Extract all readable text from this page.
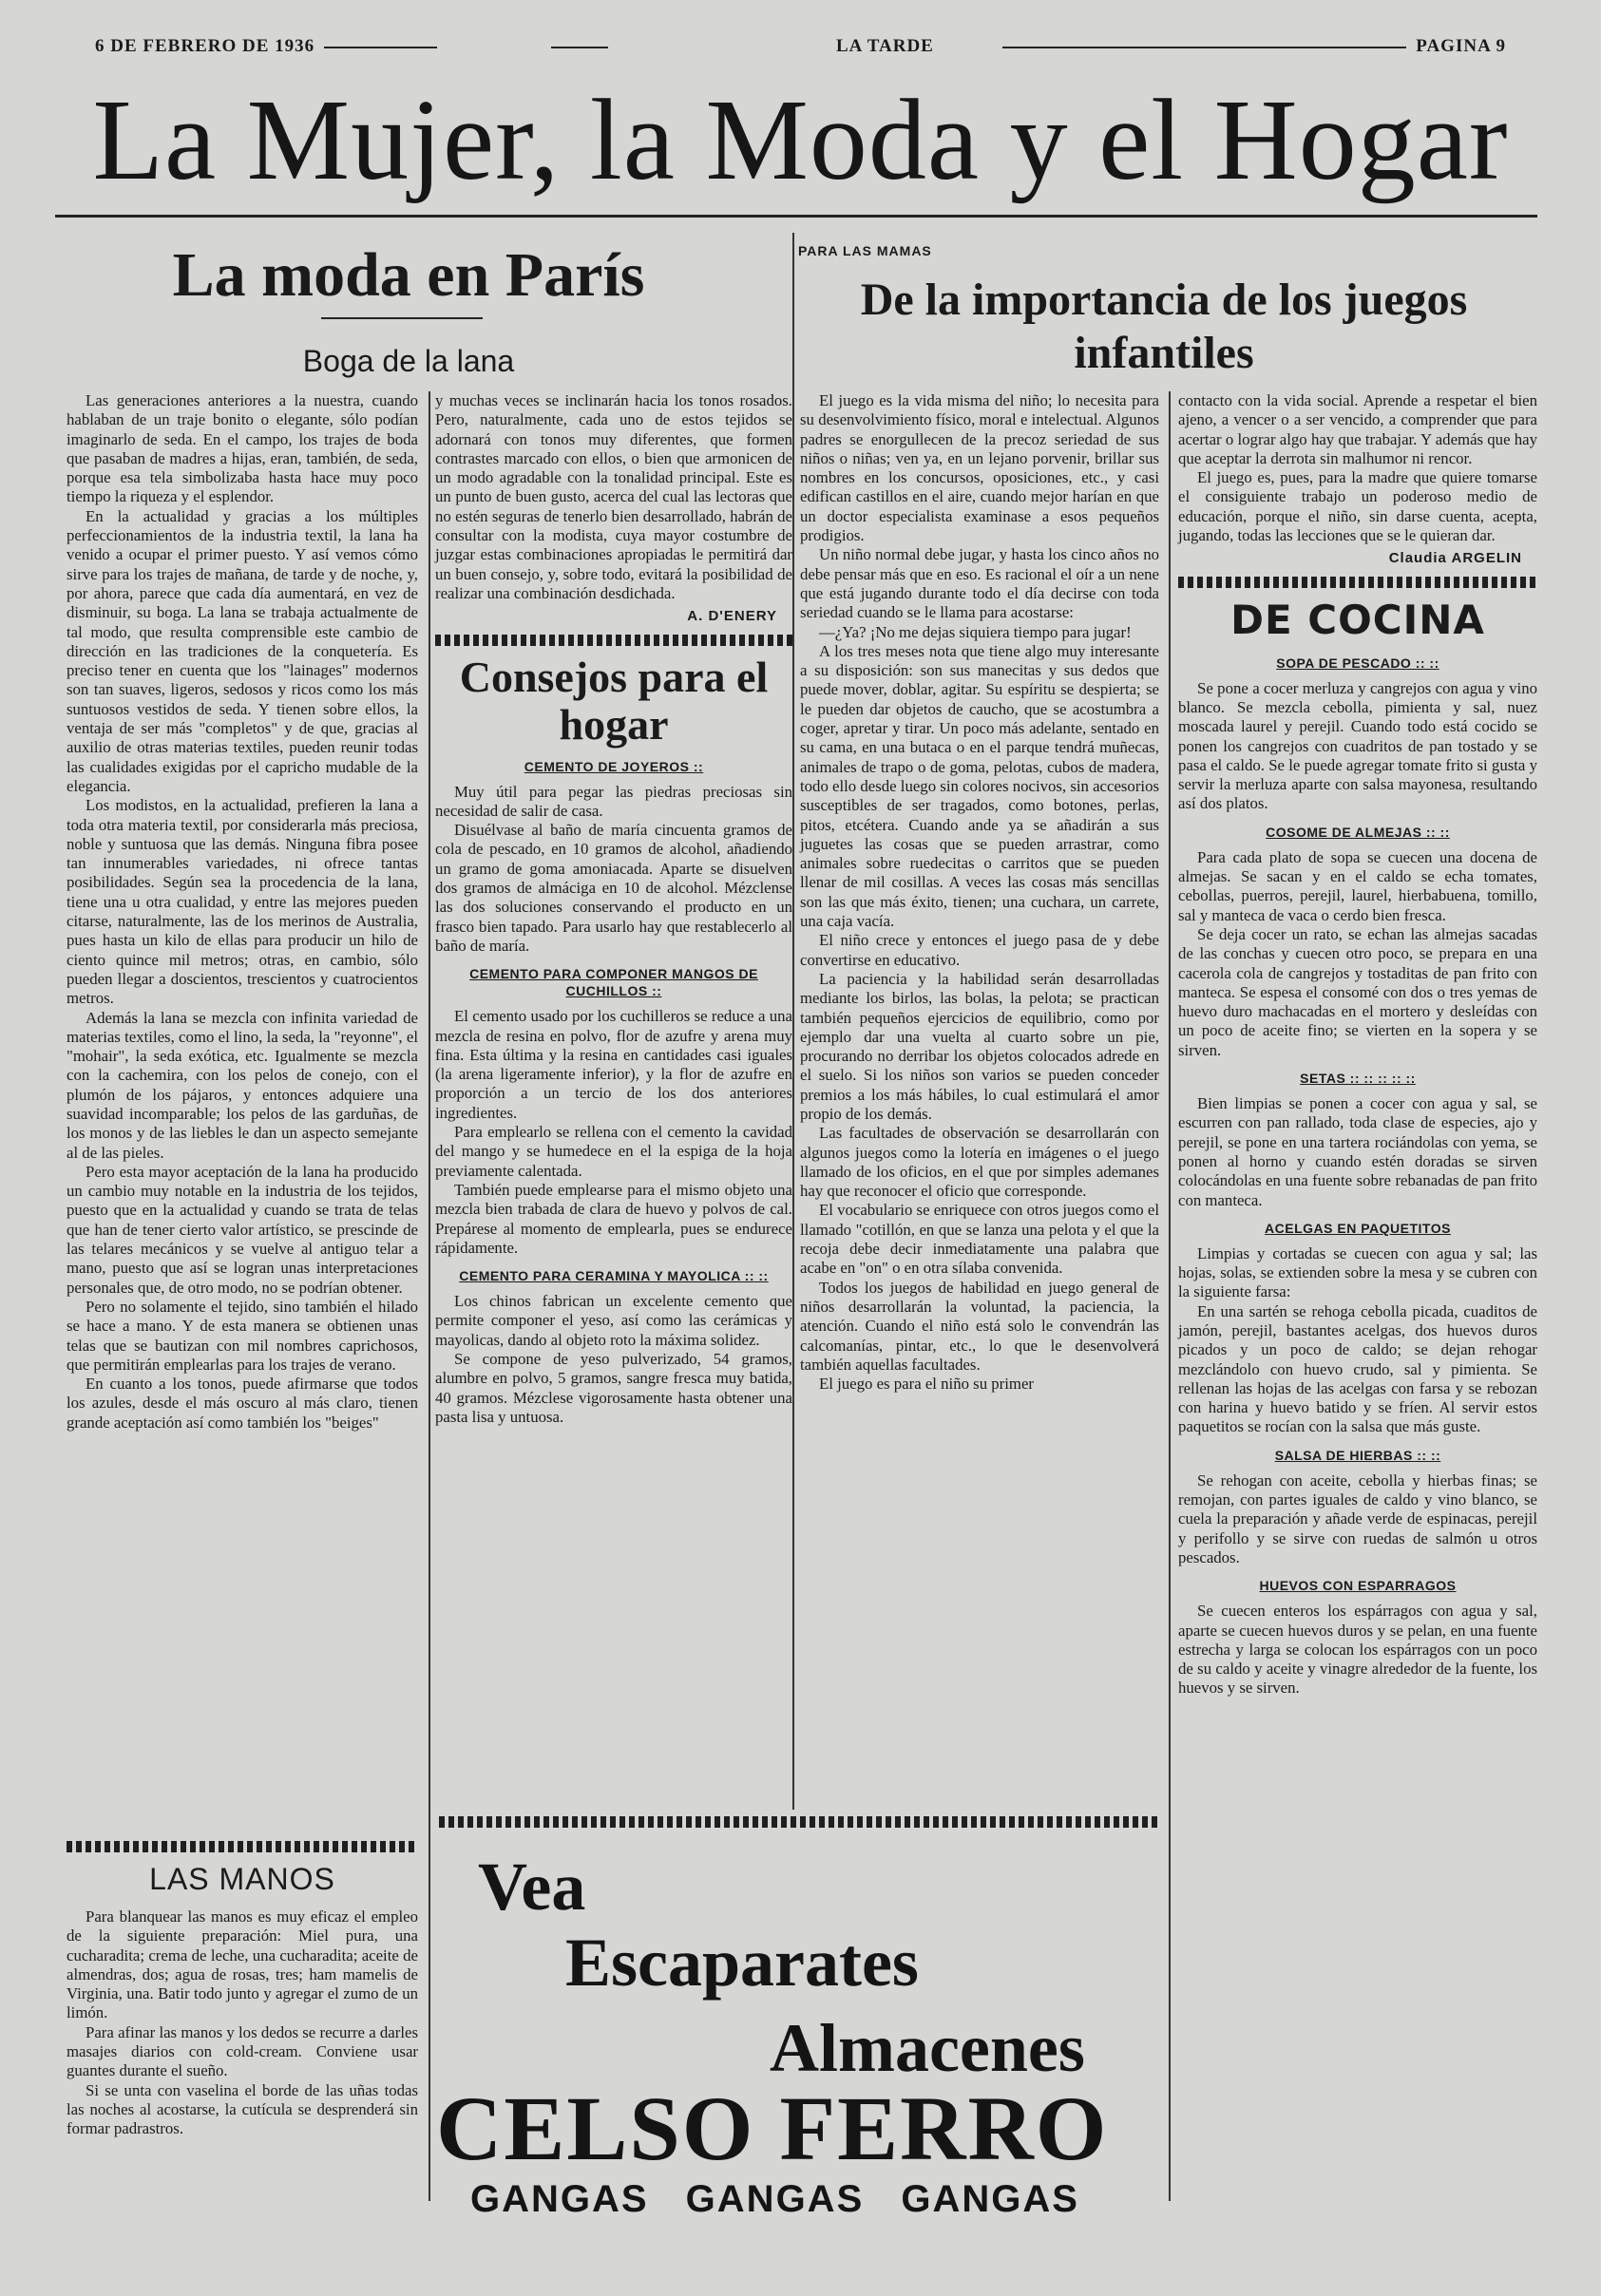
6 DE FEBRERO DE 1936	LA TARDE	PAGINA 9
La Mujer, la Moda y el Hogar
La moda en París
Boga de la lana

Las generaciones anteriores a la nuestra, cuando hablaban de un traje bonito o elegante, sólo podían imaginarlo de seda. En el campo, los trajes de boda que pasaban de madres a hijas, eran, también, de seda, porque esa tela simbolizaba hasta hace muy poco tiempo la riqueza y el esplendor.

En la actualidad y gracias a los múltiples perfeccionamientos de la industria textil, la lana ha venido a ocupar el primer puesto. Y así vemos cómo sirve para los trajes de mañana, de tarde y de noche, y, por ahora, parece que cada día aumentará, en vez de disminuir, su boga. La lana se trabaja actualmente de tal modo, que resulta comprensible este cambio de dirección en las tradiciones de la conquetería. Es preciso tener en cuenta que los "lainages" modernos son tan suaves, ligeros, sedosos y ricos como los más suntuosos vestidos de seda. Y tienen sobre ellos, la ventaja de ser más "completos" y de que, gracias al auxilio de otras materias textiles, pueden reunir todas las cualidades exigidas por el capricho mudable de la elegancia.

Los modistos, en la actualidad, prefieren la lana a toda otra materia textil, por considerarla más preciosa, noble y suntuosa que las demás. Ninguna fibra posee tan innumerables variedades, ni ofrece tantas posibilidades. Según sea la procedencia de la lana, tiene una u otra cualidad, y entre las mejores pueden citarse, naturalmente, las de los merinos de Australia, pues hasta un kilo de ellas para producir un hilo de ciento quince mil metros; otras, en cambio, sólo pueden llegar a doscientos, trescientos y cuatrocientos metros.

Además la lana se mezcla con infinita variedad de materias textiles, como el lino, la seda, la "reyonne", el "mohair", la seda exótica, etc. Igualmente se mezcla con la cachemira, con los pelos de conejo, con el plumón de los pájaros, y entonces adquiere una suavidad incomparable; los pelos de las garduñas, de los monos y de las liebles le dan un aspecto semejante al de las pieles.

Pero esta mayor aceptación de la lana ha producido un cambio muy notable en la industria de los tejidos, puesto que en la actualidad y cuando se trata de telas que han de tener cierto valor artístico, se prescinde de las telares mecánicos y se vuelve al antiguo telar a mano, puesto que así se logran unas interpretaciones personales que, de otro modo, no se podrían obtener.

Pero no solamente el tejido, sino también el hilado se hace a mano. Y de esta manera se obtienen unas telas que se bautizan con mil nombres caprichosos, que permitirán emplearlas para los trajes de verano.

En cuanto a los tonos, puede afirmarse que todos los azules, desde el más oscuro al más claro, tienen grande aceptación así como también los "beiges"

LAS MANOS

Para blanquear las manos es muy eficaz el empleo de la siguiente preparación: Miel pura, una cucharadita; crema de leche, una cucharadita; aceite de almendras, dos; agua de rosas, tres; ham mamelis de Virginia, una. Batir todo junto y agregar el zumo de un limón.

Para afinar las manos y los dedos se recurre a darles masajes diarios con cold-cream. Conviene usar guantes durante el sueño.

Si se unta con vaselina el borde de las uñas todas las noches al acostarse, la cutícula se desprenderá sin formar padrastros.

y muchas veces se inclinarán hacia los tonos rosados. Pero, naturalmente, cada uno de estos tejidos se adornará con tonos muy diferentes, que formen contrastes marcado con ellos, o bien que armonicen de un modo agradable con la tonalidad principal. Este es un punto de buen gusto, acerca del cual las lectoras que no estén seguras de tenerlo bien desarrollado, habrán de consultar con la modista, cuya mayor costumbre de juzgar estas combinaciones apropiadas le permitirá dar un buen consejo, y, sobre todo, evitará la posibilidad de realizar una combinación desdichada.

A. D'ENERY
Consejos para el hogar
CEMENTO DE JOYEROS ::

Muy útil para pegar las piedras preciosas sin necesidad de salir de casa.

Disuélvase al baño de maría cincuenta gramos de cola de pescado, en 10 gramos de alcohol, añadiendo un gramo de goma amoniacada. Aparte se disuelven dos gramos de almáciga en 10 de alcohol. Mézclense las dos soluciones conservando el producto en un frasco bien tapado. Para usarlo hay que restablecerlo al baño de maría.

CEMENTO PARA COMPONER MANGOS DE CUCHILLOS ::

El cemento usado por los cuchilleros se reduce a una mezcla de resina en polvo, flor de azufre y arena muy fina. Esta última y la resina en cantidades casi iguales (la arena ligeramente inferior), y la flor de azufre en proporción a un tercio de los dos anteriores ingredientes.

Para emplearlo se rellena con el cemento la cavidad del mango y se humedece en el la espiga de la hoja previamente calentada.

También puede emplearse para el mismo objeto una mezcla bien trabada de clara de huevo y polvos de cal. Prepárese al momento de emplearla, pues se endurece rápidamente.

CEMENTO PARA CERAMINA Y MAYOLICA :: ::

Los chinos fabrican un excelente cemento que permite componer el yeso, así como las cerámicas y mayolicas, dando al objeto roto la máxima solidez.

Se compone de yeso pulverizado, 54 gramos, alumbre en polvo, 5 gramos, sangre fresca muy batida, 40 gramos. Mézclese vigorosamente hasta obtener una pasta lisa y untuosa.

PARA LAS MAMAS
De la importancia de los juegos infantiles

El juego es la vida misma del niño; lo necesita para su desenvolvimiento físico, moral e intelectual. Algunos padres se enorgullecen de la precoz seriedad de sus niños o niñas; ven ya, en un lejano porvenir, brillar sus nombres en los concursos, oposiciones, etc., y casi edifican castillos en el aire, cuando mejor harían en que un doctor especialista examinase a esos pequeños prodigios.

Un niño normal debe jugar, y hasta los cinco años no debe pensar más que en eso. Es racional el oír a un nene que está jugando durante todo el día decirse con toda seriedad cuando se le llama para acostarse:

—¿Ya? ¡No me dejas siquiera tiempo para jugar!

A los tres meses nota que tiene algo muy interesante a su disposición: son sus manecitas y sus dedos que puede mover, doblar, agitar. Su espíritu se despierta; se le pueden dar objetos de caucho, que se acostumbra a coger, apretar y tirar. Un poco más adelante, sentado en su cama, en una butaca o en el parque tendrá muñecas, animales de trapo o de goma, pelotas, cubos de madera, todo ello desde luego sin colores nocivos, sin accesorios susceptibles de ser tragados, como botones, perlas, pitos, etcétera. Cuando ande ya se añadirán a sus juguetes las cosas que se pueden arrastrar, como animales sobre ruedecitas o carritos que se pueden llenar de mil cosillas. A veces las cosas más sencillas son las que más éxito, tienen; una cuchara, un carrete, una caja vacía.

El niño crece y entonces el juego pasa de y debe convertirse en educativo.

La paciencia y la habilidad serán desarrolladas mediante los birlos, las bolas, la pelota; se practican también pequeños ejercicios de equilibrio, como por ejemplo dar una vuelta al cuarto sobre un pie, procurando no derribar los objetos colocados adrede en el suelo. Si los niños son varios se pueden conceder premios a los más hábiles, lo cual estimulará el amor propio de los demás.

Las facultades de observación se desarrollarán con algunos juegos como la lotería en imágenes o el juego llamado de los oficios, en el que por simples ademanes hay que reconocer el oficio que corresponde.

El vocabulario se enriquece con otros juegos como el llamado "cotillón, en que se lanza una pelota y el que la recoja debe decir inmediatamente una palabra que acabe en "on" o en otra sílaba convenida.

Todos los juegos de habilidad en juego general de niños desarrollarán la voluntad, la paciencia, la atención. Cuando el niño está solo le convendrán las calcomanías, pintar, etc., lo que le desenvolverá también aquellas facultades.

El juego es para el niño su primer

contacto con la vida social. Aprende a respetar el bien ajeno, a vencer o a ser vencido, a comprender que para acertar o lograr algo hay que trabajar. Y además que hay que aceptar la derrota sin malhumor ni rencor.

El juego es, pues, para la madre que quiere tomarse el consiguiente trabajo un poderoso medio de educación, porque el niño, sin darse cuenta, acepta, jugando, todas las lecciones que se le quieran dar.

Claudia ARGELIN
DE COCINA
SOPA DE PESCADO :: ::

Se pone a cocer merluza y cangrejos con agua y vino blanco. Se mezcla cebolla, pimienta y sal, nuez moscada laurel y perejil. Cuando todo está cocido se ponen los cangrejos con cuadritos de pan tostado y se pasa el caldo. Se le puede agregar tomate frito si gusta y servir la merluza aparte con salsa mayonesa, resultando así dos platos.

COSOME DE ALMEJAS :: ::

Para cada plato de sopa se cuecen una docena de almejas. Se sacan y en el caldo se echa tomates, cebollas, puerros, perejil, laurel, hierbabuena, tomillo, sal y manteca de vaca o cerdo bien fresca.

Se deja cocer un rato, se echan las almejas sacadas de las conchas y cuecen otro poco, se prepara en una cacerola cola de cangrejos y tostaditas de pan frito con manteca. Se espesa el consomé con dos o tres yemas de huevo duro machacadas en el mortero y desleídas con un poco de aceite fino; se vierten en la sopera y se sirven.

SETAS :: :: :: :: ::

Bien limpias se ponen a cocer con agua y sal, se escurren con pan rallado, toda clase de especies, ajo y perejil, se pone en una tartera rociándolas con yema, se ponen al horno y cuando estén doradas se sirven colocándolas en una fuente sobre rebanadas de pan frito con manteca.

ACELGAS EN PAQUETITOS

Limpias y cortadas se cuecen con agua y sal; las hojas, solas, se extienden sobre la mesa y se cubren con la siguiente farsa:

En una sartén se rehoga cebolla picada, cuaditos de jamón, perejil, bastantes acelgas, dos huevos duros picados y un poco de caldo; se dejan rehogar mezclándolo con huevo crudo, sal y pimienta. Se rellenan las hojas de las acelgas con farsa y se rebozan con harina y huevo batido y se fríen. Al servir estos paquetitos se rocían con la salsa que más guste.

SALSA DE HIERBAS :: ::

Se rehogan con aceite, cebolla y hierbas finas; se remojan, con partes iguales de caldo y vino blanco, se cuela la preparación y añade verde de espinacas, perejil y perifollo y se sirve con ruedas de salmón u otros pescados.

HUEVOS CON ESPARRAGOS

Se cuecen enteros los espárragos con agua y sal, aparte se cuecen huevos duros y se pelan, en una fuente estrecha y larga se colocan los espárragos con un poco de su caldo y aceite y vinagre alrededor de la fuente, los huevos y se sirven.

Vea
Escaparates
Almacenes
CELSO FERRO
GANGAS GANGAS GANGAS
